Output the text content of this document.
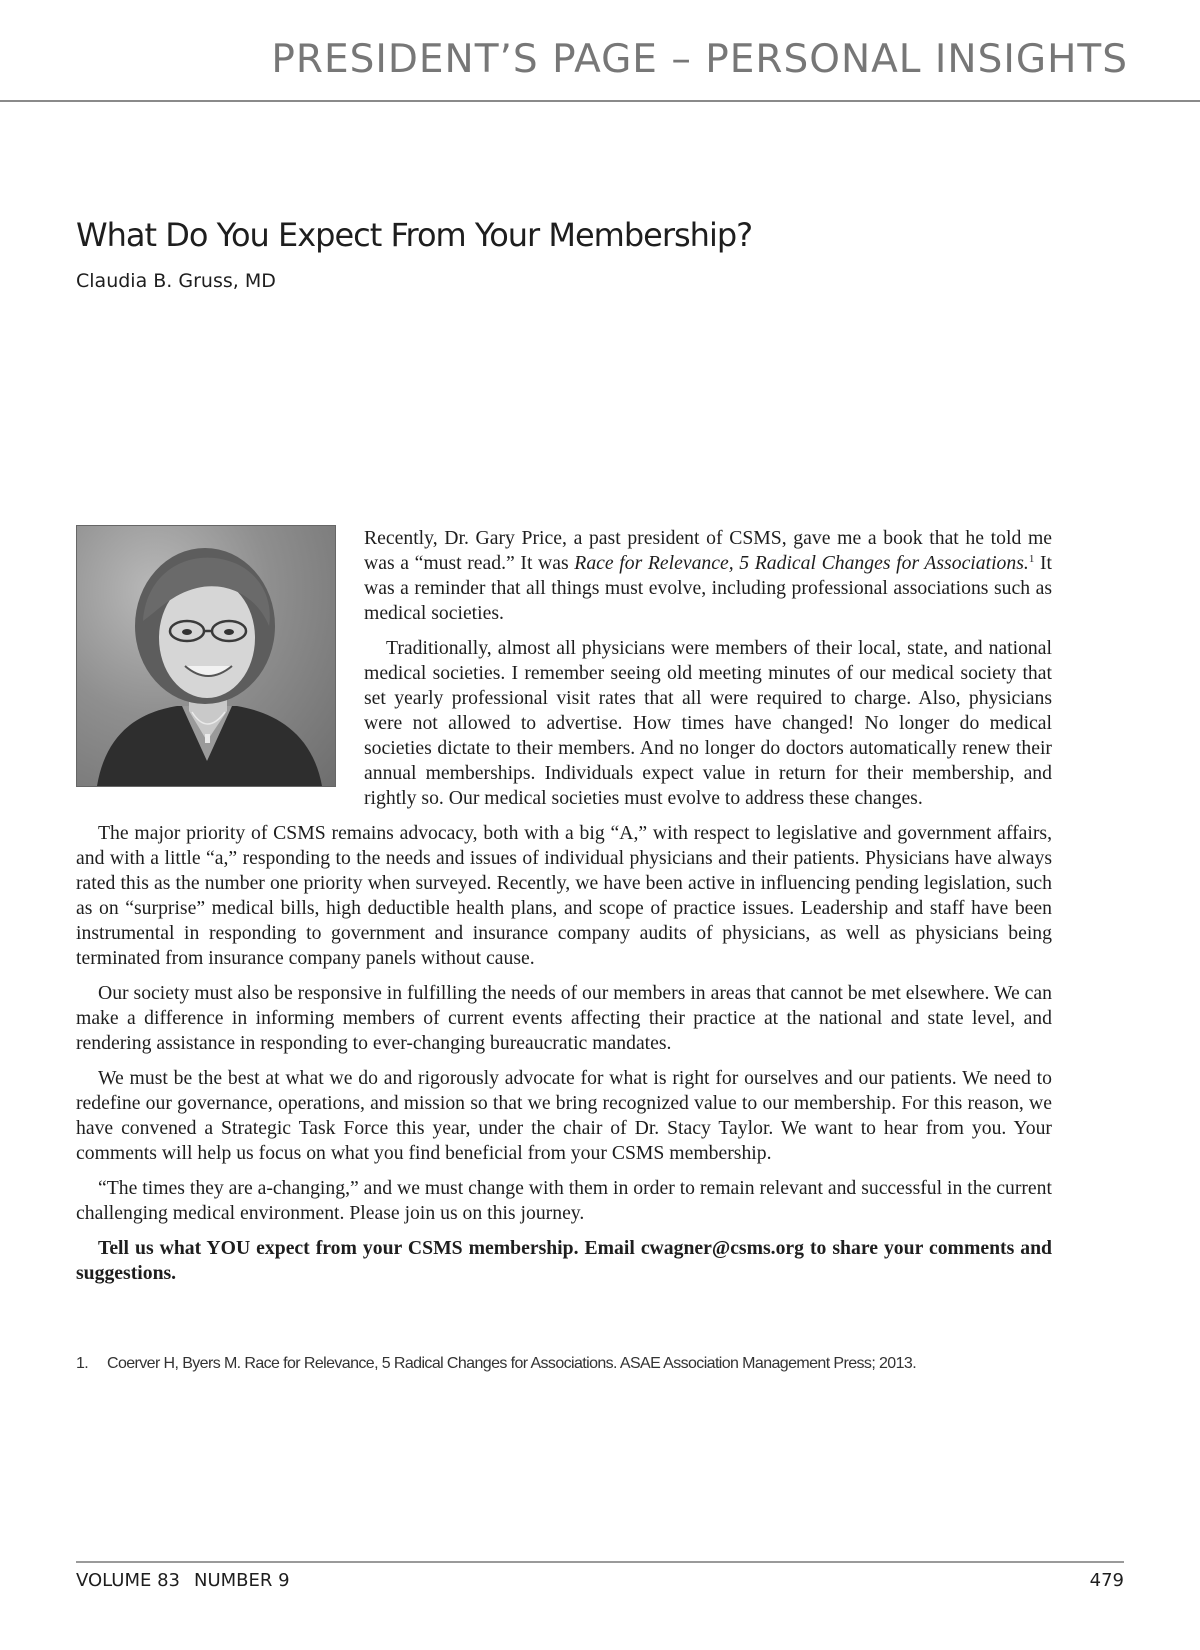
PRESIDENT’S PAGE – PERSONAL INSIGHTS
What Do You Expect From Your Membership?
Claudia B. Gruss, MD

Recently, Dr. Gary Price, a past president of CSMS, gave me a book that he told me was a “must read.” It was Race for Relevance, 5 Radical Changes for Associations.$^1$ It was a reminder that all things must evolve, including professional associations such as medical societies.

Traditionally, almost all physicians were members of their local, state, and national medical societies. I remember seeing old meeting minutes of our medical society that set yearly professional visit rates that all were required to charge. Also, physicians were not allowed to advertise. How times have changed! No longer do medical societies dictate to their members. And no longer do doctors automatically renew their annual memberships. Individuals expect value in return for their membership, and rightly so. Our medical societies must evolve to address these changes.

The major priority of CSMS remains advocacy, both with a big “A,” with respect to legislative and government affairs, and with a little “a,” responding to the needs and issues of individual physicians and their patients. Physicians have always rated this as the number one priority when surveyed. Recently, we have been active in influencing pending legislation, such as on “surprise” medical bills, high deductible health plans, and scope of practice issues. Leadership and staff have been instrumental in responding to government and insurance company audits of physicians, as well as physicians being terminated from insurance company panels without cause.

Our society must also be responsive in fulfilling the needs of our members in areas that cannot be met elsewhere. We can make a difference in informing members of current events affecting their practice at the national and state level, and rendering assistance in responding to ever-changing bureaucratic mandates.

We must be the best at what we do and rigorously advocate for what is right for ourselves and our patients. We need to redefine our governance, operations, and mission so that we bring recognized value to our membership. For this reason, we have convened a Strategic Task Force this year, under the chair of Dr. Stacy Taylor. We want to hear from you. Your comments will help us focus on what you find beneficial from your CSMS membership.

“The times they are a-changing,” and we must change with them in order to remain relevant and successful in the current challenging medical environment. Please join us on this journey.

Tell us what YOU expect from your CSMS membership. Email cwagner@csms.org to share your comments and suggestions.

1. Coerver H, Byers M. Race for Relevance, 5 Radical Changes for Associations. ASAE Association Management Press; 2013.
VOLUME 83 NUMBER 9	479
